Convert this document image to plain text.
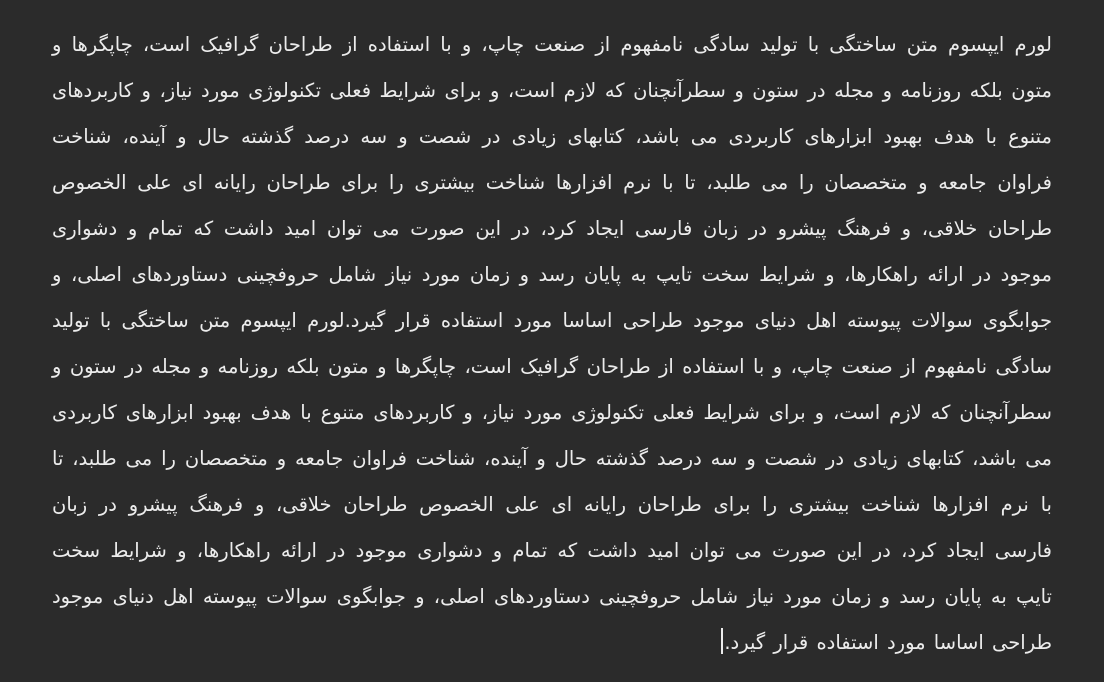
لورم ایپسوم متن ساختگی با تولید سادگی نامفهوم از صنعت چاپ، و با استفاده از طراحان گرافیک است، چاپگرها و متون بلکه روزنامه و مجله در ستون و سطرآنچنان که لازم است، و برای شرایط فعلی تکنولوژی مورد نیاز، و کاربردهای متنوع با هدف بهبود ابزارهای کاربردی می باشد، کتابهای زیادی در شصت و سه درصد گذشته حال و آینده، شناخت فراوان جامعه و متخصصان را می طلبد، تا با نرم افزارها شناخت بیشتری را برای طراحان رایانه ای علی الخصوص طراحان خلاقی، و فرهنگ پیشرو در زبان فارسی ایجاد کرد، در این صورت می توان امید داشت که تمام و دشواری موجود در ارائه راهکارها، و شرایط سخت تایپ به پایان رسد و زمان مورد نیاز شامل حروفچینی دستاوردهای اصلی، و جوابگوی سوالات پیوسته اهل دنیای موجود طراحی اساسا مورد استفاده قرار گیرد.لورم ایپسوم متن ساختگی با تولید سادگی نامفهوم از صنعت چاپ، و با استفاده از طراحان گرافیک است، چاپگرها و متون بلکه روزنامه و مجله در ستون و سطرآنچنان که لازم است، و برای شرایط فعلی تکنولوژی مورد نیاز، و کاربردهای متنوع با هدف بهبود ابزارهای کاربردی می باشد، کتابهای زیادی در شصت و سه درصد گذشته حال و آینده، شناخت فراوان جامعه و متخصصان را می طلبد، تا با نرم افزارها شناخت بیشتری را برای طراحان رایانه ای علی الخصوص طراحان خلاقی، و فرهنگ پیشرو در زبان فارسی ایجاد کرد، در این صورت می توان امید داشت که تمام و دشواری موجود در ارائه راهکارها، و شرایط سخت تایپ به پایان رسد و زمان مورد نیاز شامل حروفچینی دستاوردهای اصلی، و جوابگوی سوالات پیوسته اهل دنیای موجود طراحی اساسا مورد استفاده قرار گیرد.
